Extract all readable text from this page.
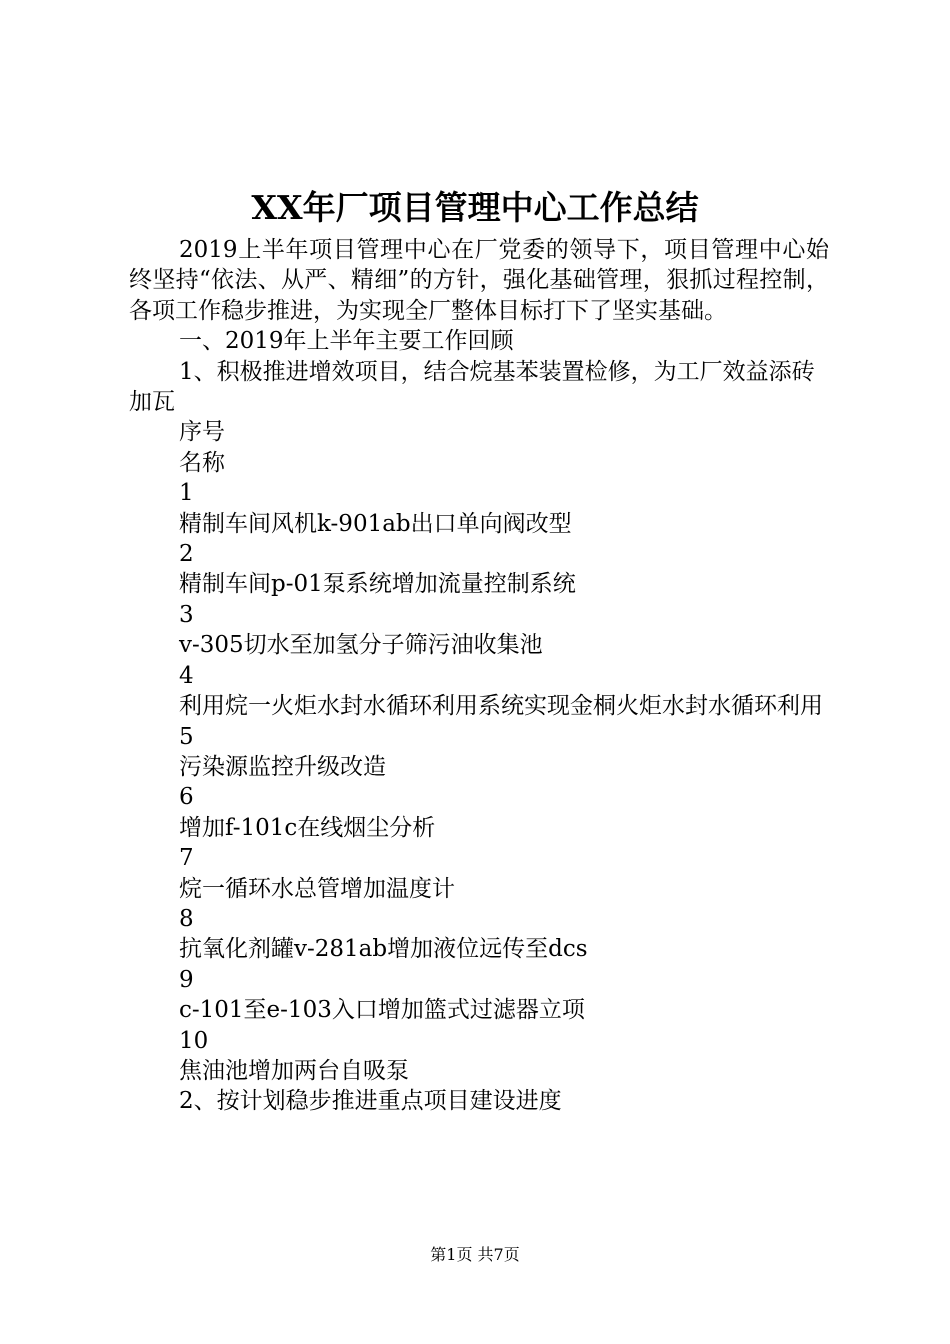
XX年厂项目管理中心工作总结

2019上半年项目管理中心在厂党委的领导下，项目管理中心始终坚持“依法、从严、精细”的方针，强化基础管理，狠抓过程控制，各项工作稳步推进，为实现全厂整体目标打下了坚实基础。

一、2019年上半年主要工作回顾

1、积极推进增效项目，结合烷基苯装置检修，为工厂效益添砖加瓦

序号

名称

1

精制车间风机k-901ab出口单向阀改型

2

精制车间p-01泵系统增加流量控制系统

3

v-305切水至加氢分子筛污油收集池

4

利用烷一火炬水封水循环利用系统实现金桐火炬水封水循环利用

5

污染源监控升级改造

6

增加f-101c在线烟尘分析

7

烷一循环水总管增加温度计

8

抗氧化剂罐v-281ab增加液位远传至dcs

9

c-101至e-103入口增加篮式过滤器立项

10

焦油池增加两台自吸泵

2、按计划稳步推进重点项目建设进度

第1页 共7页
